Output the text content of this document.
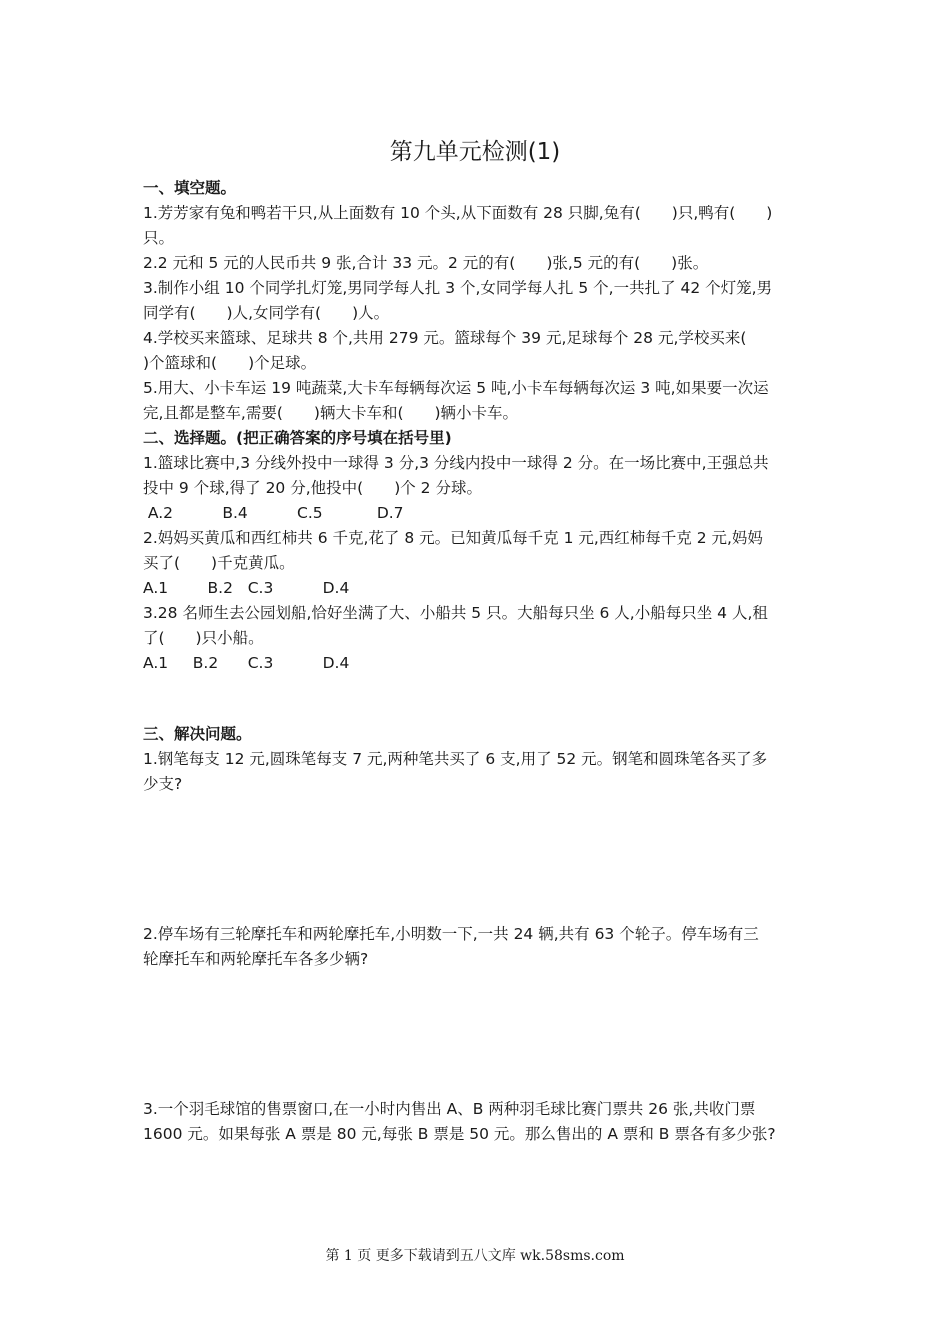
第九单元检测(1)
一、填空题。
1.芳芳家有兔和鸭若干只,从上面数有 10 个头,从下面数有 28 只脚,兔有(　　)只,鸭有(　　)
只。
2.2 元和 5 元的人民币共 9 张,合计 33 元。2 元的有(　　)张,5 元的有(　　)张。
3.制作小组 10 个同学扎灯笼,男同学每人扎 3 个,女同学每人扎 5 个,一共扎了 42 个灯笼,男
同学有(　　)人,女同学有(　　)人。
4.学校买来篮球、足球共 8 个,共用 279 元。篮球每个 39 元,足球每个 28 元,学校买来(
)个篮球和(　　)个足球。
5.用大、小卡车运 19 吨蔬菜,大卡车每辆每次运 5 吨,小卡车每辆每次运 3 吨,如果要一次运
完,且都是整车,需要(　　)辆大卡车和(　　)辆小卡车。
二、选择题。(把正确答案的序号填在括号里)
1.篮球比赛中,3 分线外投中一球得 3 分,3 分线内投中一球得 2 分。在一场比赛中,王强总共
投中 9 个球,得了 20 分,他投中(　　)个 2 分球。
A.2          B.4          C.5           D.7
2.妈妈买黄瓜和西红柿共 6 千克,花了 8 元。已知黄瓜每千克 1 元,西红柿每千克 2 元,妈妈
买了(　　)千克黄瓜。
A.1        B.2   C.3          D.4
3.28 名师生去公园划船,恰好坐满了大、小船共 5 只。大船每只坐 6 人,小船每只坐 4 人,租
了(　　)只小船。
A.1     B.2      C.3          D.4
三、解决问题。
1.钢笔每支 12 元,圆珠笔每支 7 元,两种笔共买了 6 支,用了 52 元。钢笔和圆珠笔各买了多
少支?
2.停车场有三轮摩托车和两轮摩托车,小明数一下,一共 24 辆,共有 63 个轮子。停车场有三
轮摩托车和两轮摩托车各多少辆?
3.一个羽毛球馆的售票窗口,在一小时内售出 A、B 两种羽毛球比赛门票共 26 张,共收门票
1600 元。如果每张 A 票是 80 元,每张 B 票是 50 元。那么售出的 A 票和 B 票各有多少张?
第 1 页 更多下载请到五八文库 wk.58sms.com
